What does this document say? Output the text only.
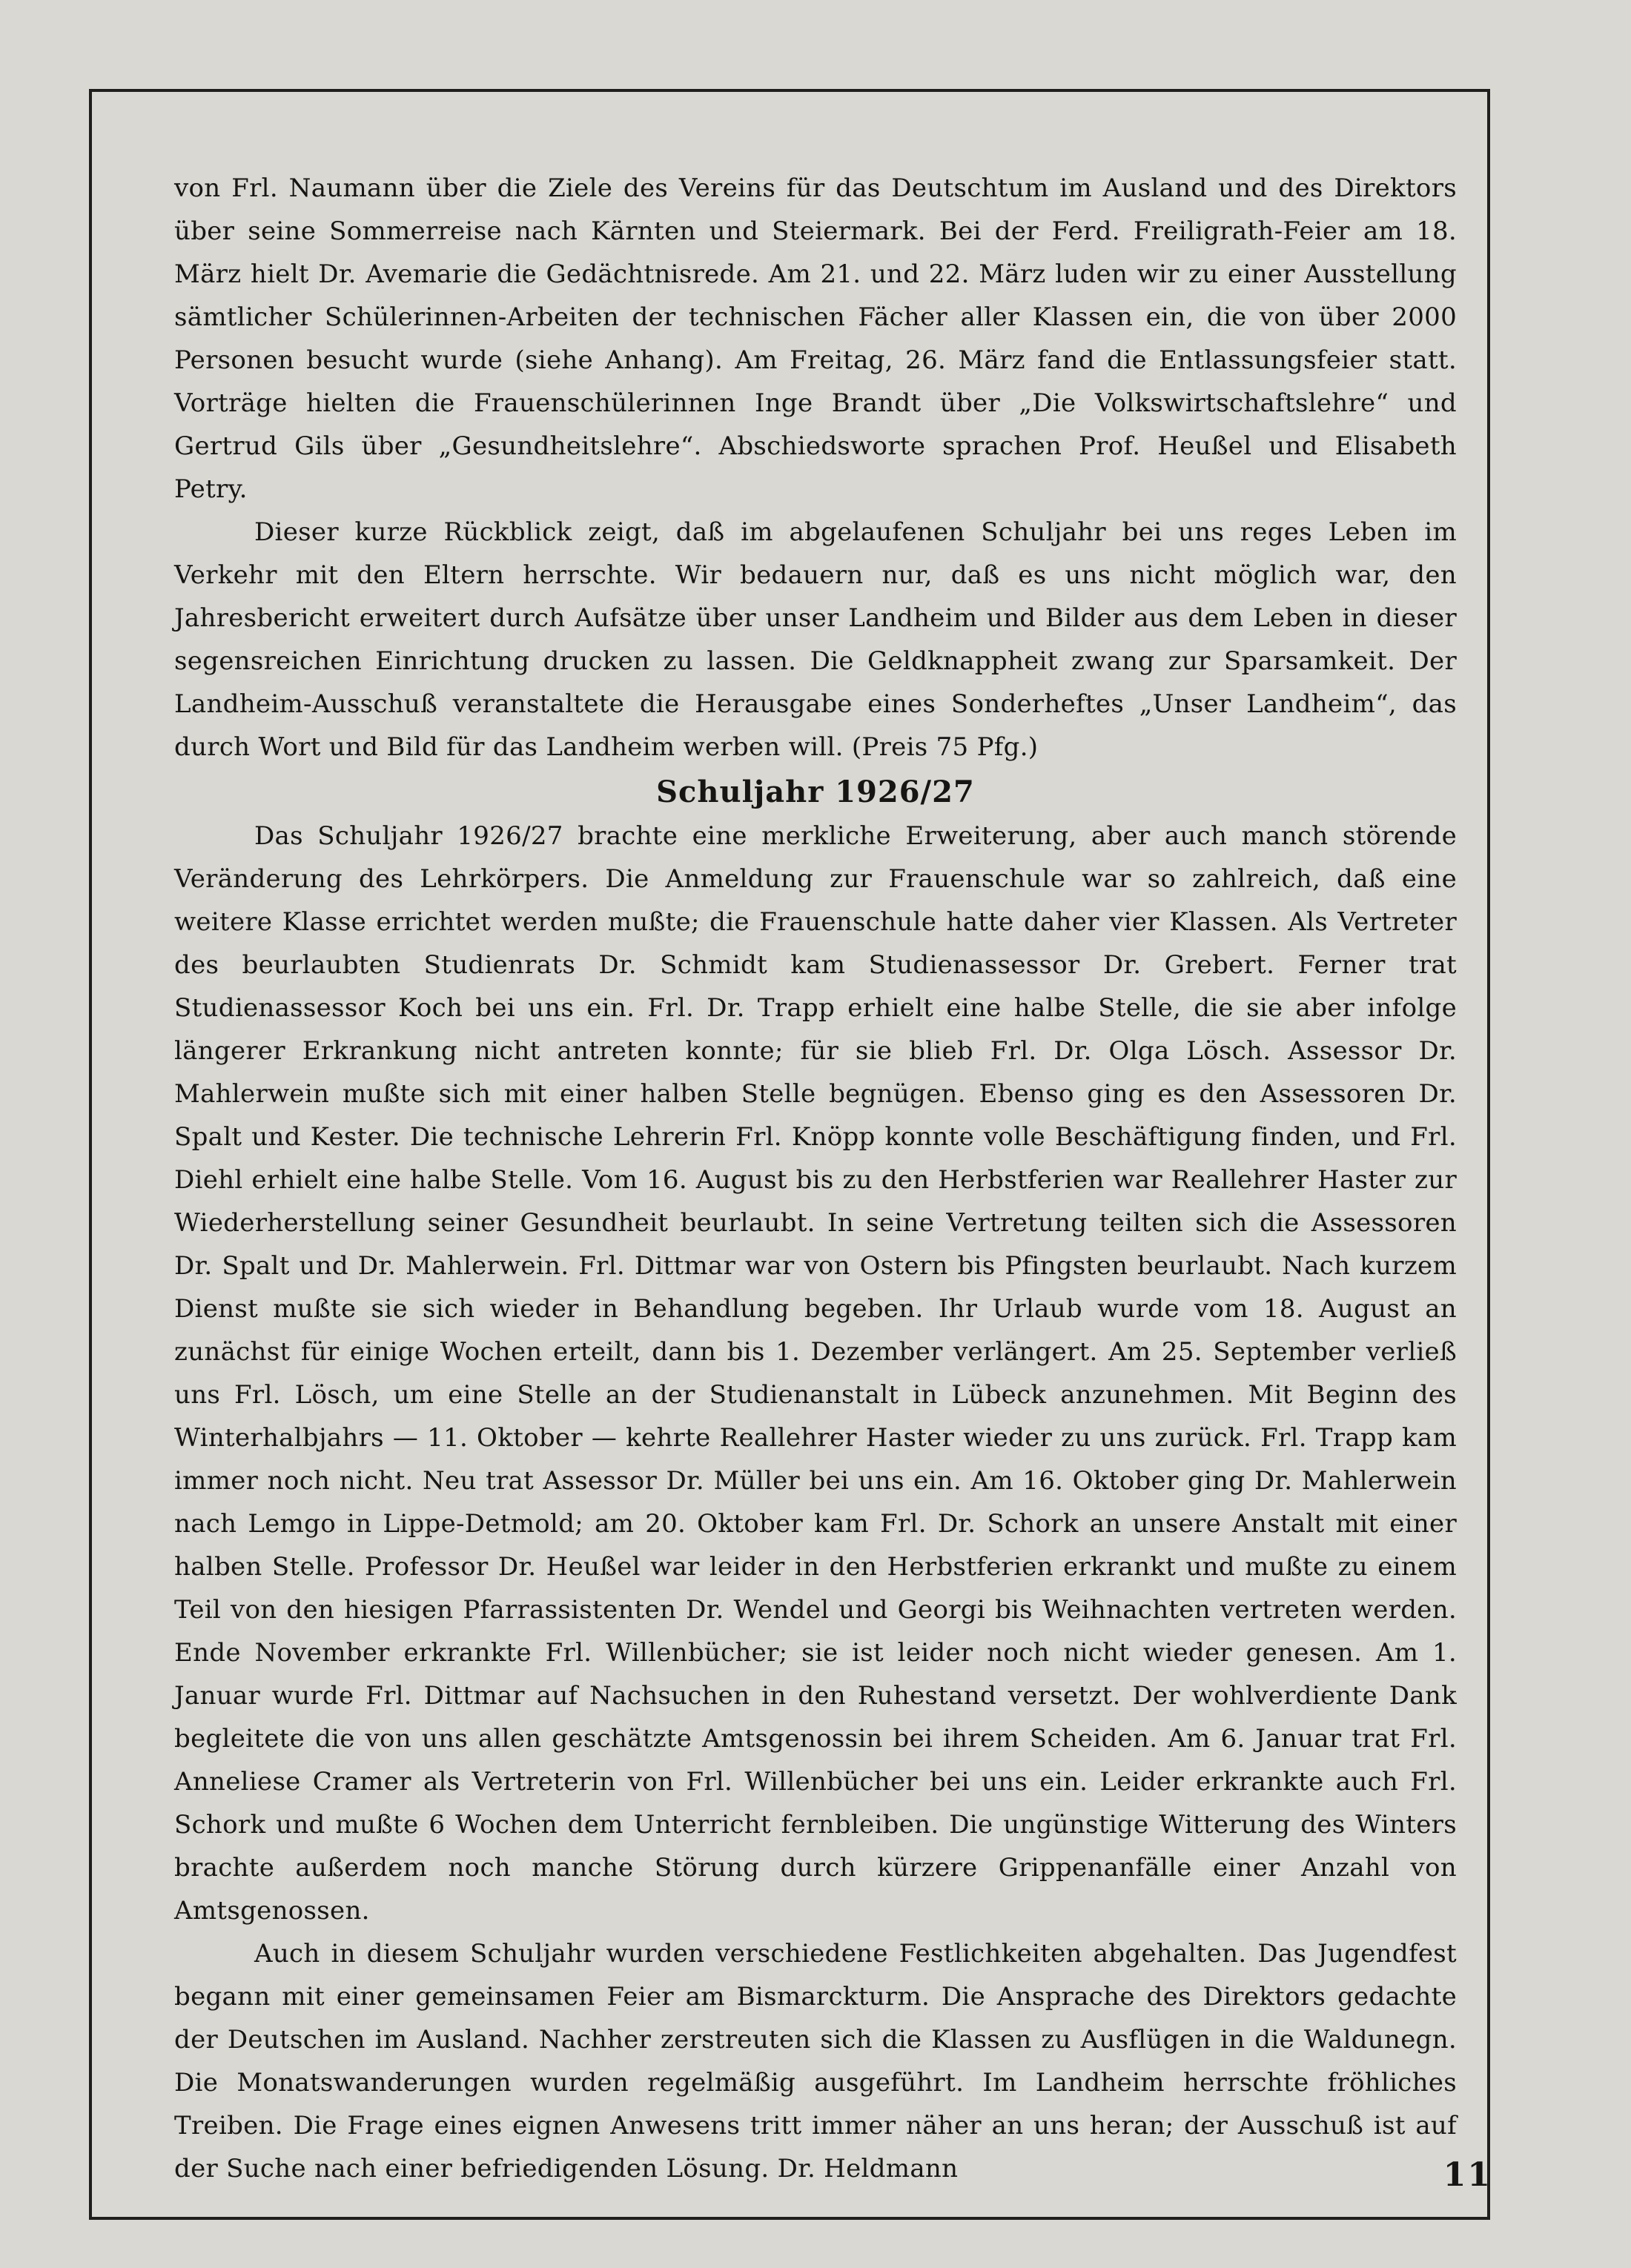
von Frl. Naumann über die Ziele des Vereins für das Deutschtum im Ausland und des Direktors über seine Sommerreise nach Kärnten und Steiermark. Bei der Ferd. Freiligrath-Feier am 18. März hielt Dr. Avemarie die Gedächtnisrede. Am 21. und 22. März luden wir zu einer Ausstellung sämtlicher Schülerinnen-Arbeiten der technischen Fächer aller Klassen ein, die von über 2000 Personen besucht wurde (siehe Anhang). Am Freitag, 26. März fand die Entlassungsfeier statt. Vorträge hielten die Frauenschülerinnen Inge Brandt über „Die Volkswirtschaftslehre“ und Gertrud Gils über „Gesundheitslehre“. Abschiedsworte sprachen Prof. Heußel und Elisabeth Petry.

Dieser kurze Rückblick zeigt, daß im abgelaufenen Schuljahr bei uns reges Leben im Verkehr mit den Eltern herrschte. Wir bedauern nur, daß es uns nicht möglich war, den Jahresbericht erweitert durch Aufsätze über unser Landheim und Bilder aus dem Leben in dieser segensreichen Einrichtung drucken zu lassen. Die Geldknappheit zwang zur Sparsamkeit. Der Landheim-Ausschuß veranstaltete die Herausgabe eines Sonderheftes „Unser Landheim“, das durch Wort und Bild für das Landheim werben will. (Preis 75 Pfg.)

Schuljahr 1926/27

Das Schuljahr 1926/27 brachte eine merkliche Erweiterung, aber auch manch störende Veränderung des Lehrkörpers. Die Anmeldung zur Frauenschule war so zahlreich, daß eine weitere Klasse errichtet werden mußte; die Frauenschule hatte daher vier Klassen. Als Vertreter des beurlaubten Studienrats Dr. Schmidt kam Studienassessor Dr. Grebert. Ferner trat Studienassessor Koch bei uns ein. Frl. Dr. Trapp erhielt eine halbe Stelle, die sie aber infolge längerer Erkrankung nicht antreten konnte; für sie blieb Frl. Dr. Olga Lösch. Assessor Dr. Mahlerwein mußte sich mit einer halben Stelle begnügen. Ebenso ging es den Assessoren Dr. Spalt und Kester. Die technische Lehrerin Frl. Knöpp konnte volle Beschäftigung finden, und Frl. Diehl erhielt eine halbe Stelle. Vom 16. August bis zu den Herbstferien war Reallehrer Haster zur Wiederherstellung seiner Gesundheit beurlaubt. In seine Vertretung teilten sich die Assessoren Dr. Spalt und Dr. Mahlerwein. Frl. Dittmar war von Ostern bis Pfingsten beurlaubt. Nach kurzem Dienst mußte sie sich wieder in Behandlung begeben. Ihr Urlaub wurde vom 18. August an zunächst für einige Wochen erteilt, dann bis 1. Dezember verlängert. Am 25. September verließ uns Frl. Lösch, um eine Stelle an der Studienanstalt in Lübeck anzunehmen. Mit Beginn des Winterhalbjahrs — 11. Oktober — kehrte Reallehrer Haster wieder zu uns zurück. Frl. Trapp kam immer noch nicht. Neu trat Assessor Dr. Müller bei uns ein. Am 16. Oktober ging Dr. Mahlerwein nach Lemgo in Lippe-Detmold; am 20. Oktober kam Frl. Dr. Schork an unsere Anstalt mit einer halben Stelle. Professor Dr. Heußel war leider in den Herbstferien erkrankt und mußte zu einem Teil von den hiesigen Pfarrassistenten Dr. Wendel und Georgi bis Weihnachten vertreten werden. Ende November erkrankte Frl. Willenbücher; sie ist leider noch nicht wieder genesen. Am 1. Januar wurde Frl. Dittmar auf Nachsuchen in den Ruhestand versetzt. Der wohlverdiente Dank begleitete die von uns allen geschätzte Amtsgenossin bei ihrem Scheiden. Am 6. Januar trat Frl. Anneliese Cramer als Vertreterin von Frl. Willenbücher bei uns ein. Leider erkrankte auch Frl. Schork und mußte 6 Wochen dem Unterricht fernbleiben. Die ungünstige Witterung des Winters brachte außerdem noch manche Störung durch kürzere Grippenanfälle einer Anzahl von Amtsgenossen.

Auch in diesem Schuljahr wurden verschiedene Festlichkeiten abgehalten. Das Jugendfest begann mit einer gemeinsamen Feier am Bismarckturm. Die Ansprache des Direktors gedachte der Deutschen im Ausland. Nachher zerstreuten sich die Klassen zu Ausflügen in die Waldunegn. Die Monatswanderungen wurden regelmäßig ausgeführt. Im Landheim herrschte fröhliches Treiben. Die Frage eines eignen Anwesens tritt immer näher an uns heran; der Ausschuß ist auf der Suche nach einer befriedigenden Lösung. Dr. Heldmann	11
